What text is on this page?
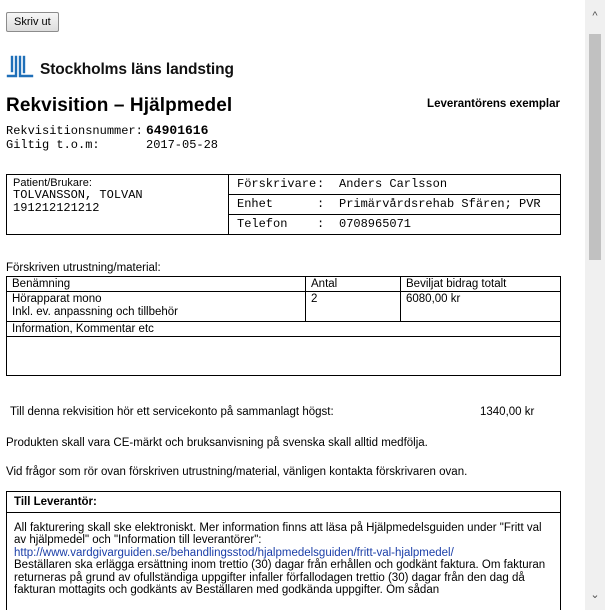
Skriv ut
Stockholms läns landsting
Rekvisition – Hjälpmedel	Leverantörens exemplar
Rekvisitionsnummer: 64901616
Giltig t.o.m:	2017-05-28
Patient/Brukare:
TOLVANSSON, TOLVAN
191212121212
	Förskrivare: Anders Carlsson
Enhet	: Primärvårdsrehab Sfären; PVR
Telefon : 0708965071
Förskriven utrustning/material:
Benämning	Antal	Beviljat bidrag totalt

Hörapparat mono
Inkl. ev. anpassning och tillbehör	2	6080,00 kr
Information, Kommentar etc		

Till denna rekvisition hör ett servicekonto på sammanlagt högst:	1340,00 kr

Produkten skall vara CE-märkt och bruksanvisning på svenska skall alltid medfölja.

Vid frågor som rör ovan förskriven utrustning/material, vänligen kontakta förskrivaren ovan.

Till Leverantör:
All fakturering skall ske elektroniskt. Mer information finns att läsa på Hjälpmedelsguiden under "Fritt val av hjälpmedel" och "Information till leverantörer":
http://www.vardgivarguiden.se/behandlingsstod/hjalpmedelsguiden/fritt-val-hjalpmedel/
Beställaren ska erlägga ersättning inom trettio (30) dagar från erhållen och godkänt faktura. Om fakturan returneras på grund av ofullständiga uppgifter infaller förfallodagen trettio (30) dagar från den dag då fakturan mottagits och godkänts av Beställaren med godkända uppgifter. Om sådan
^
⌄
